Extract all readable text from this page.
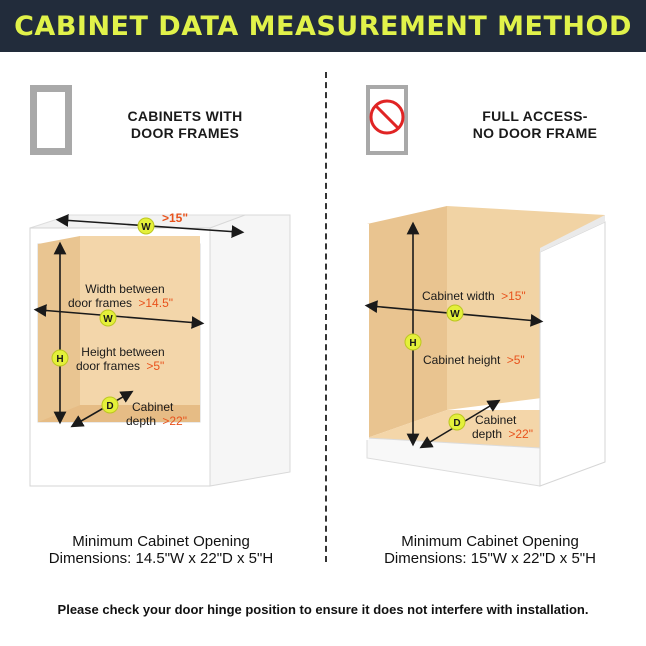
CABINET DATA MEASUREMENT METHOD
CABINETS WITH
DOOR FRAMES
FULL ACCESS-
NO DOOR FRAME
W
>15"
W
H
D
Width between
door frames >14.5"
Height between
door frames >5"
Cabinet
depth >22"
W
H
D
Cabinet width >15"
Cabinet height >5"
Cabinet
depth >22"
Minimum Cabinet Opening
Dimensions: 14.5"W x 22"D x 5"H
Minimum Cabinet Opening
Dimensions: 15"W x 22"D x 5"H
Please check your door hinge position to ensure it does not interfere with installation.
